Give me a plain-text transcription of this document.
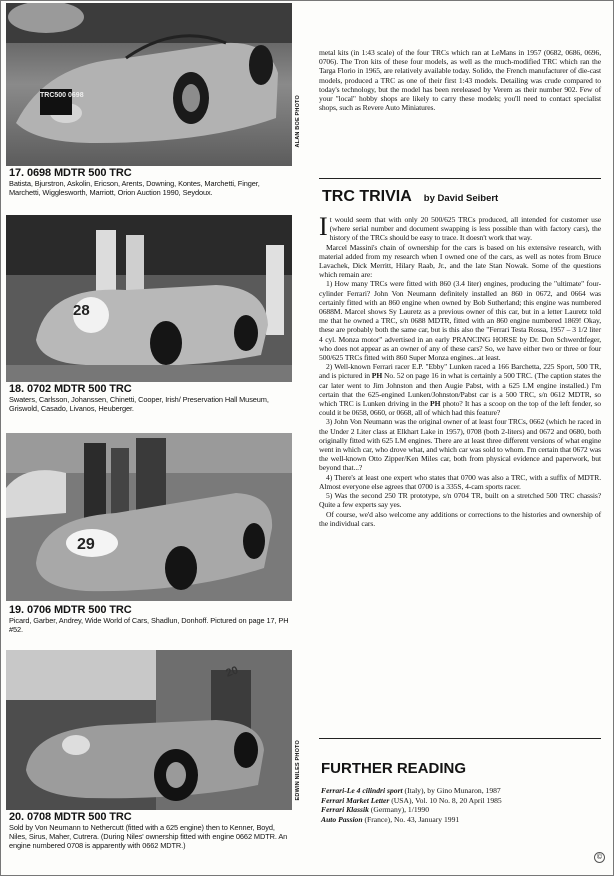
TRC500 0698	ALAN BOE PHOTO
17. 0698 MDTR 500 TRC
Batista, Bjurstron, Askolin, Ericson, Arents, Downing, Kontes, Marchetti, Finger, Marchetti, Wigglesworth, Marriott, Orion Auction 1990, Seydoux.
28
18. 0702 MDTR 500 TRC
Swaters, Carlsson, Johanssen, Chinetti, Cooper, Irish/ Preservation Hall Museum, Griswold, Casado, Livanos, Heuberger.
29
19. 0706 MDTR 500 TRC
Picard, Garber, Andrey, Wide World of Cars, Shadlun, Donhoff. Pictured on page 17, PH #52.
20
EDWIN NILES PHOTO
20. 0708 MDTR 500 TRC
Sold by Von Neumann to Nethercutt (fitted with a 625 engine) then to Kenner, Boyd, Niles, Sirus, Maher, Cutrera. (During Niles' ownership fitted with engine 0662 MDTR. An engine numbered 0708 is apparently with 0662 MDTR.)

metal kits (in 1:43 scale) of the four TRCs which ran at LeMans in 1957 (0682, 0686, 0696, 0706). The Tron kits of these four models, as well as the much-modified TRC which ran the Targa Florio in 1965, are relatively available today. Solido, the French manufacturer of die-cast models, produced a TRC as one of their first 1:43 models. Detailing was crude compared to today's technology, but the model has been rereleased by Verem as their number 902. Few of your "local" hobby shops are likely to carry these models; you'll need to contact specialist shops, such as Revere Auto Miniatures.

TRC TRIVIA by David Seibert

It would seem that with only 20 500/625 TRCs produced, all intended for customer use (where serial number and document swapping is less possible than with factory cars), the history of the TRCs should be easy to trace. It doesn't work that way.

Marcel Massini's chain of ownership for the cars is based on his extensive research, with material added from my research when I owned one of the cars, as well as notes from Bruce Lavachek, Dick Merritt, Hilary Raab, Jr., and the late Stan Nowak. Some of the questions which remain are:

1) How many TRCs were fitted with 860 (3.4 liter) engines, producing the "ultimate" four-cylinder Ferrari? John Von Neumann definitely installed an 860 in 0672, and 0664 was certainly fitted with an 860 engine when owned by Bob Sutherland; this engine was numbered 0688M. Marcel shows Sy Lauretz as a previous owner of this car, but in a letter Lauretz told me that he owned a TRC, s/n 0688 MDTR, fitted with an 860 engine numbered 1869! Okay, these are probably both the same car, but is this also the "Ferrari Testa Rossa, 1957 – 3 1/2 liter 4 cyl. Monza motor" advertised in an early PRANCING HORSE by Dr. Don Schwerdtfeger, who does not appear as an owner of any of these cars? So, we have either two or three or four 500/625 TRCs fitted with 860 Super Monza engines...at least.

2) Well-known Ferrari racer E.P. "Ebby" Lunken raced a 166 Barchetta, 225 Sport, 500 TR, and is pictured in PH No. 52 on page 16 in what is certainly a 500 TRC. (The caption states the car later went to Jim Johnston and then Augie Pabst, with a 625 LM engine installed.) I'm certain that the 625-engined Lunken/Johnston/Pabst car is a 500 TRC, s/n 0612 MDTR, so which TRC is Lunken driving in the PH photo? It has a scoop on the top of the left fender, so could it be 0658, 0660, or 0668, all of which had this feature?

3) John Von Neumann was the original owner of at least four TRCs, 0662 (which he raced in the Under 2 Liter class at Elkhart Lake in 1957), 0708 (both 2-liters) and 0672 and 0680, both originally fitted with 625 LM engines. There are at least three different versions of what engine went in which car, who drove what, and which car was sold to whom. I'm certain that 0672 was the well-known Otto Zipper/Ken Miles car, both from physical evidence and paperwork, but beyond that...?

4) There's at least one expert who states that 0700 was also a TRC, with a suffix of MDTR. Almost everyone else agrees that 0700 is a 335S, 4-cam sports racer.

5) Was the second 250 TR prototype, s/n 0704 TR, built on a stretched 500 TRC chassis? Quite a few experts say yes.

Of course, we'd also welcome any additions or corrections to the histories and ownership of the individual cars.

FURTHER READING
Ferrari-Le 4 cilindri sport (Italy), by Gino Munaron, 1987
Ferrari Market Letter (USA), Vol. 10 No. 8, 20 April 1985
Ferrari Klassik (Germany), 1/1990
Auto Passion (France), No. 43, January 1991
©
